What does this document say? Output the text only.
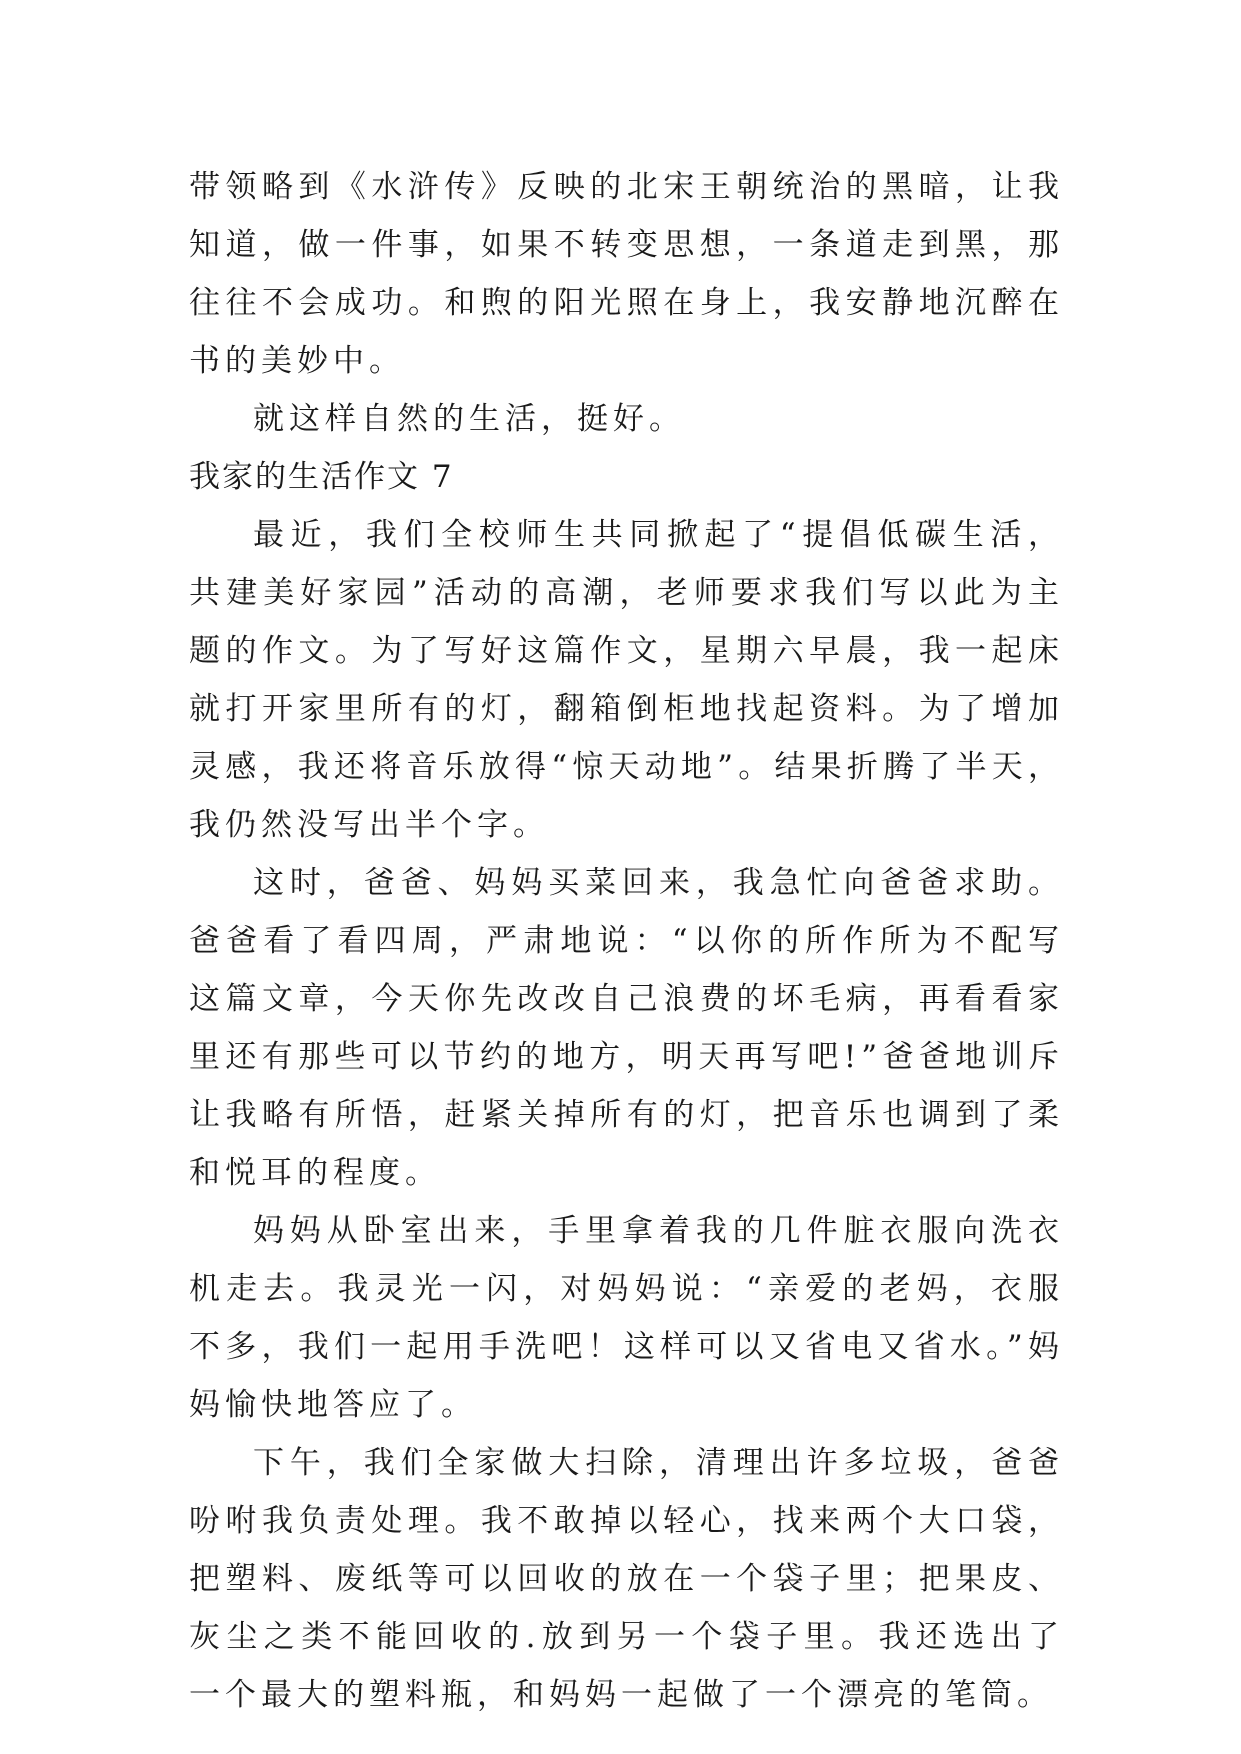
带领略到《水浒传》反映的北宋王朝统治的黑暗，让我知道，做一件事，如果不转变思想，一条道走到黑，那往往不会成功。和煦的阳光照在身上，我安静地沉醉在书的美妙中。

就这样自然的生活，挺好。

我家的生活作文 7

最近，我们全校师生共同掀起了“提倡低碳生活，共建美好家园”活动的高潮，老师要求我们写以此为主题的作文。为了写好这篇作文，星期六早晨，我一起床就打开家里所有的灯，翻箱倒柜地找起资料。为了增加灵感，我还将音乐放得“惊天动地”。结果折腾了半天，我仍然没写出半个字。

这时，爸爸、妈妈买菜回来，我急忙向爸爸求助。爸爸看了看四周，严肃地说：“以你的所作所为不配写这篇文章，今天你先改改自己浪费的坏毛病，再看看家里还有那些可以节约的地方，明天再写吧!”爸爸地训斥让我略有所悟，赶紧关掉所有的灯，把音乐也调到了柔和悦耳的程度。

妈妈从卧室出来，手里拿着我的几件脏衣服向洗衣机走去。我灵光一闪，对妈妈说：“亲爱的老妈，衣服不多，我们一起用手洗吧！这样可以又省电又省水。”妈妈愉快地答应了。

下午，我们全家做大扫除，清理出许多垃圾，爸爸吩咐我负责处理。我不敢掉以轻心，找来两个大口袋，把塑料、废纸等可以回收的放在一个袋子里；把果皮、灰尘之类不能回收的.放到另一个袋子里。我还选出了一个最大的塑料瓶，和妈妈一起做了一个漂亮的笔筒。
